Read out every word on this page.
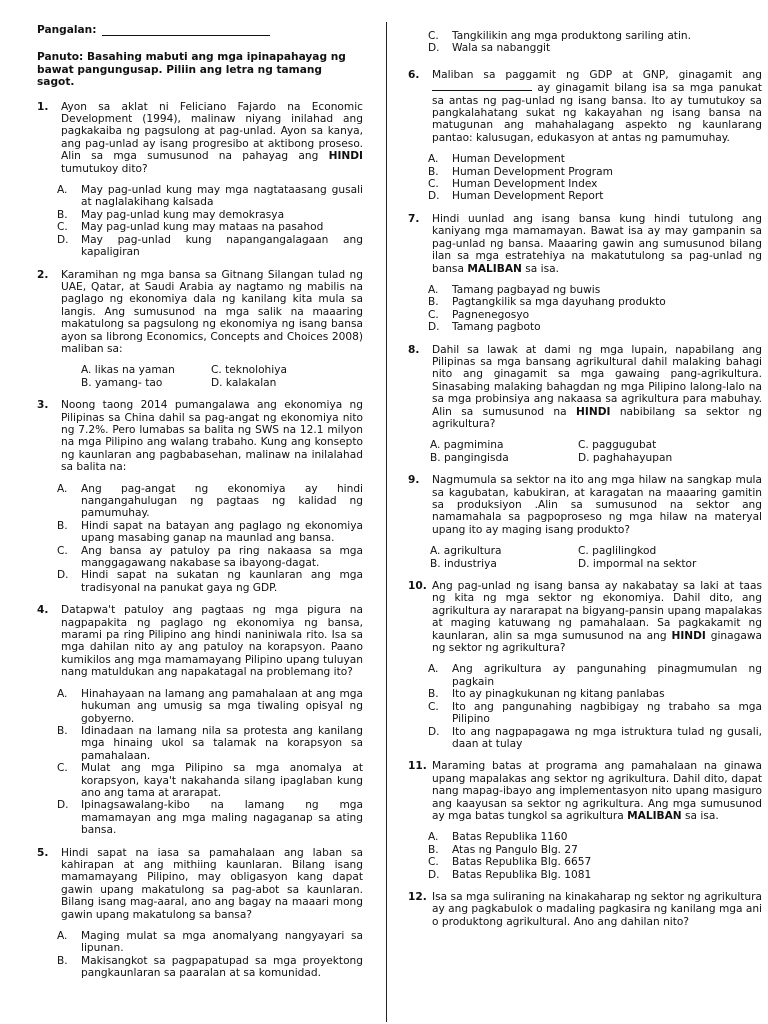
Pangalan:
Panuto: Basahing mabuti ang mga ipinapahayag ng bawat pangungusap. Piliin ang letra ng tamang sagot.
1.	Ayon sa aklat ni Feliciano Fajardo na Economic Development (1994), malinaw niyang inilahad ang pagkakaiba ng pagsulong at pag-unlad. Ayon sa kanya, ang pag-unlad ay isang progresibo at aktibong proseso. Alin sa mga sumusunod na pahayag ang HINDI tumutukoy dito?
A.	May pag-unlad kung may mga nagtataasang gusali at naglalakihang kalsada
B.	May pag-unlad kung may demokrasya
C.	May pag-unlad kung may mataas na pasahod
D.	May pag-unlad kung napangangalagaan ang kapaligiran
2.	Karamihan ng mga bansa sa Gitnang Silangan tulad ng UAE, Qatar, at Saudi Arabia ay nagtamo ng mabilis na paglago ng ekonomiya dala ng kanilang kita mula sa langis. Ang sumusunod na mga salik na maaaring makatulong sa pagsulong ng ekonomiya ng isang bansa ayon sa librong Economics, Concepts and Choices 2008) maliban sa:
A. likas na yaman	C. teknolohiya
B. yamang- tao	D. kalakalan
3.	Noong taong 2014 pumangalawa ang ekonomiya ng Pilipinas sa China dahil sa pag-angat ng ekonomiya nito ng 7.2%. Pero lumabas sa balita ng SWS na 12.1 milyon na mga Pilipino ang walang trabaho. Kung ang konsepto ng kaunlaran ang pagbabasehan, malinaw na inilalahad sa balita na:
A.	Ang pag-angat ng ekonomiya ay hindi nangangahulugan ng pagtaas ng kalidad ng pamumuhay.
B.	Hindi sapat na batayan ang paglago ng ekonomiya upang masabing ganap na maunlad ang bansa.
C.	Ang bansa ay patuloy pa ring nakaasa sa mga manggagawang nakabase sa ibayong-dagat.
D.	Hindi sapat na sukatan ng kaunlaran ang mga tradisyonal na panukat gaya ng GDP.
4.	Datapwa't patuloy ang pagtaas ng mga pigura na nagpapakita ng paglago ng ekonomiya ng bansa, marami pa ring Pilipino ang hindi naniniwala rito. Isa sa mga dahilan nito ay ang patuloy na korapsyon. Paano kumikilos ang mga mamamayang Pilipino upang tuluyan nang matuldukan ang napakatagal na problemang ito?
A.	Hinahayaan na lamang ang pamahalaan at ang mga hukuman ang umusig sa mga tiwaling opisyal ng gobyerno.
B.	Idinadaan na lamang nila sa protesta ang kanilang mga hinaing ukol sa talamak na korapsyon sa pamahalaan.
C.	Mulat ang mga Pilipino sa mga anomalya at korapsyon, kaya't nakahanda silang ipaglaban kung ano ang tama at ararapat.
D.	Ipinagsawalang-kibo na lamang ng mga mamamayan ang mga maling nagaganap sa ating bansa.
5.	Hindi sapat na iasa sa pamahalaan ang laban sa kahirapan at ang mithiing kaunlaran. Bilang isang mamamayang Pilipino, may obligasyon kang dapat gawin upang makatulong sa pag-abot sa kaunlaran. Bilang isang mag-aaral, ano ang bagay na maaari mong gawin upang makatulong sa bansa?
A.	Maging mulat sa mga anomalyang nangyayari sa lipunan.
B.	Makisangkot sa pagpapatupad sa mga proyektong pangkaunlaran sa paaralan at sa komunidad.
C.	Tangkilikin ang mga produktong sariling atin.
D.	Wala sa nabanggit
6.	Maliban sa paggamit ng GDP at GNP, ginagamit ang  ay ginagamit bilang isa sa mga panukat sa antas ng pag-unlad ng isang bansa. Ito ay tumutukoy sa pangkalahatang sukat ng kakayahan ng isang bansa na matugunan ang mahahalagang aspekto ng kaunlarang pantao: kalusugan, edukasyon at antas ng pamumuhay.
A.	Human Development
B.	Human Development Program
C.	Human Development Index
D.	Human Development Report
7.	Hindi uunlad ang isang bansa kung hindi tutulong ang kaniyang mga mamamayan. Bawat isa ay may gampanin sa pag-unlad ng bansa. Maaaring gawin ang sumusunod bilang ilan sa mga estratehiya na makatutulong sa pag-unlad ng bansa MALIBAN sa isa.
A.	Tamang pagbayad ng buwis
B.	Pagtangkilik sa mga dayuhang produkto
C.	Pagnenegosyo
D.	Tamang pagboto
8.	Dahil sa lawak at dami ng mga lupain, napabilang ang Pilipinas sa mga bansang agrikultural dahil malaking bahagi nito ang ginagamit sa mga gawaing pang-agrikultura. Sinasabing malaking bahagdan ng mga Pilipino lalong-lalo na sa mga probinsiya ang nakaasa sa agrikultura para mabuhay. Alin sa sumusunod na HINDI nabibilang sa sektor ng agrikultura?
A. pagmimina	C. paggugubat
B. pangingisda	D. paghahayupan
9.	Nagmumula sa sektor na ito ang mga hilaw na sangkap mula sa kagubatan, kabukiran, at karagatan na maaaring gamitin sa produksiyon .Alin sa sumusunod na sektor ang namamahala sa pagpoproseso ng mga hilaw na materyal upang ito ay maging isang produkto?
A. agrikultura	C. paglilingkod
B. industriya	D. impormal na sektor
10. Ang pag-unlad ng isang bansa ay nakabatay sa laki at taas ng kita ng mga sektor ng ekonomiya. Dahil dito, ang agrikultura ay nararapat na bigyang-pansin upang mapalakas at maging katuwang ng pamahalaan. Sa pagkakamit ng kaunlaran, alin sa mga sumusunod na ang HINDI ginagawa ng sektor ng agrikultura?
A.	Ang agrikultura ay pangunahing pinagmumulan ng pagkain
B.	Ito ay pinagkukunan ng kitang panlabas
C.	Ito ang pangunahing nagbibigay ng trabaho sa mga Pilipino
D.	Ito ang nagpapagawa ng mga istruktura tulad ng gusali, daan at tulay
11. Maraming batas at programa ang pamahalaan na ginawa upang mapalakas ang sektor ng agrikultura. Dahil dito, dapat nang mapag-ibayo ang implementasyon nito upang masiguro ang kaayusan sa sektor ng agrikultura. Ang mga sumusunod ay mga batas tungkol sa agrikultura MALIBAN sa isa.
A.	Batas Republika 1160
B.	Atas ng Pangulo Blg. 27
C.	Batas Republika Blg. 6657
D.	Batas Republika Blg. 1081
12. Isa sa mga suliraning na kinakaharap ng sektor ng agrikultura ay ang pagkabulok o madaling pagkasira ng kanilang mga ani o produktong agrikultural. Ano ang dahilan nito?
